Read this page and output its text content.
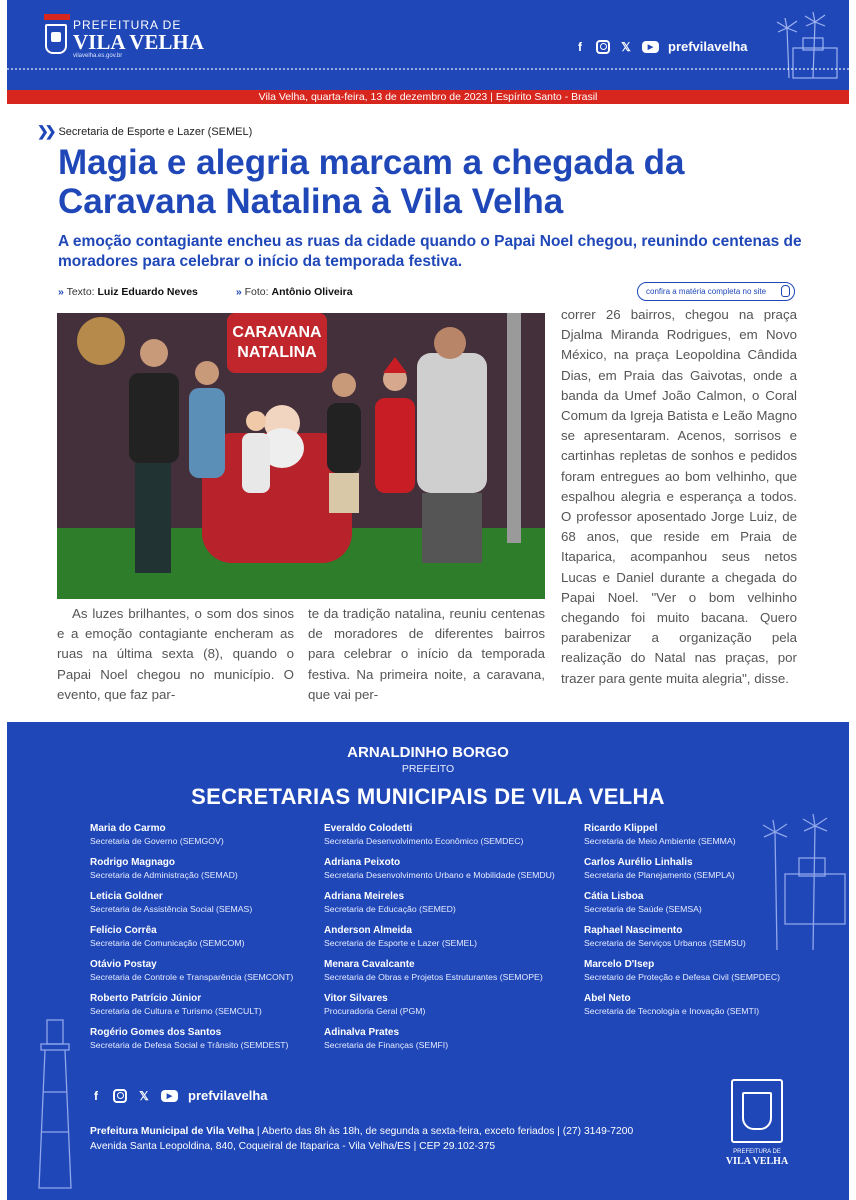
PREFEITURA DE
VILA VELHA
vilavelha.es.gov.br
f	𝕏	▶	prefvilavelha
Vila Velha, quarta-feira, 13 de dezembro de 2023 | Espírito Santo - Brasil
❯❯ Secretaria de Esporte e Lazer (SEMEL)
Magia e alegria marcam a chegada da Caravana Natalina à Vila Velha

A emoção contagiante encheu as ruas da cidade quando o Papai Noel chegou, reunindo centenas de moradores para celebrar o início da temporada festiva.

» Texto: Luiz Eduardo Neves	» Foto: Antônio Oliveira	confira a matéria completa no site
CARAVANA
NATALINA

As luzes brilhantes, o som dos sinos e a emoção contagiante encheram as ruas na última sexta (8), quando o Papai Noel chegou no município. O evento, que faz par-

te da tradição natalina, reuniu centenas de moradores de diferentes bairros para celebrar o início da temporada festiva. Na primeira noite, a caravana, que vai per-

correr 26 bairros, chegou na praça Djalma Miranda Rodrigues, em Novo México, na praça Leopoldina Cândida Dias, em Praia das Gaivotas, onde a banda da Umef João Calmon, o Coral Comum da Igreja Batista e Leão Magno se apresentaram. Acenos, sorrisos e cartinhas repletas de sonhos e pedidos foram entregues ao bom velhinho, que espalhou alegria e esperança a todos. O professor aposentado Jorge Luiz, de 68 anos, que reside em Praia de Itaparica, acompanhou seus netos Lucas e Daniel durante a chegada do Papai Noel. "Ver o bom velhinho chegando foi muito bacana. Quero parabenizar a organização pela realização do Natal nas praças, por trazer para gente muita alegria", disse.

ARNALDINHO BORGO
PREFEITO
SECRETARIAS MUNICIPAIS DE VILA VELHA
Maria do Carmo
Secretaria de Governo (SEMGOV)
Rodrigo Magnago
Secretaria de Administração (SEMAD)
Leticia Goldner
Secretaria de Assistência Social (SEMAS)
Felício Corrêa
Secretaria de Comunicação (SEMCOM)
Otávio Postay
Secretaria de Controle e Transparência (SEMCONT)
Roberto Patrício Júnior
Secretaria de Cultura e Turismo (SEMCULT)
Rogério Gomes dos Santos
Secretaria de Defesa Social e Trânsito (SEMDEST)
Everaldo Colodetti
Secretaria Desenvolvimento Econômico (SEMDEC)
Adriana Peixoto
Secretaria Desenvolvimento Urbano e Mobilidade (SEMDU)
Adriana Meireles
Secretaria de Educação (SEMED)
Anderson Almeida
Secretaria de Esporte e Lazer (SEMEL)
Menara Cavalcante
Secretaria de Obras e Projetos Estruturantes (SEMOPE)
Vitor Silvares
Procuradoria Geral (PGM)
Adinalva Prates
Secretaria de Finanças (SEMFI)
Ricardo Klippel
Secretaria de Meio Ambiente (SEMMA)
Carlos Aurélio Linhalis
Secretaria de Planejamento (SEMPLA)
Cátia Lisboa
Secretaria de Saúde (SEMSA)
Raphael Nascimento
Secretaria de Serviços Urbanos (SEMSU)
Marcelo D'Isep
Secretario de Proteção e Defesa Civil (SEMPDEC)
Abel Neto
Secretaria de Tecnologia e Inovação (SEMTI)
f	𝕏	▶	prefvilavelha
Prefeitura Municipal de Vila Velha | Aberto das 8h às 18h, de segunda a sexta-feira, exceto feriados | (27) 3149-7200
Avenida Santa Leopoldina, 840, Coqueiral de Itaparica - Vila Velha/ES | CEP 29.102-375	PREFEITURA DE
VILA VELHA
